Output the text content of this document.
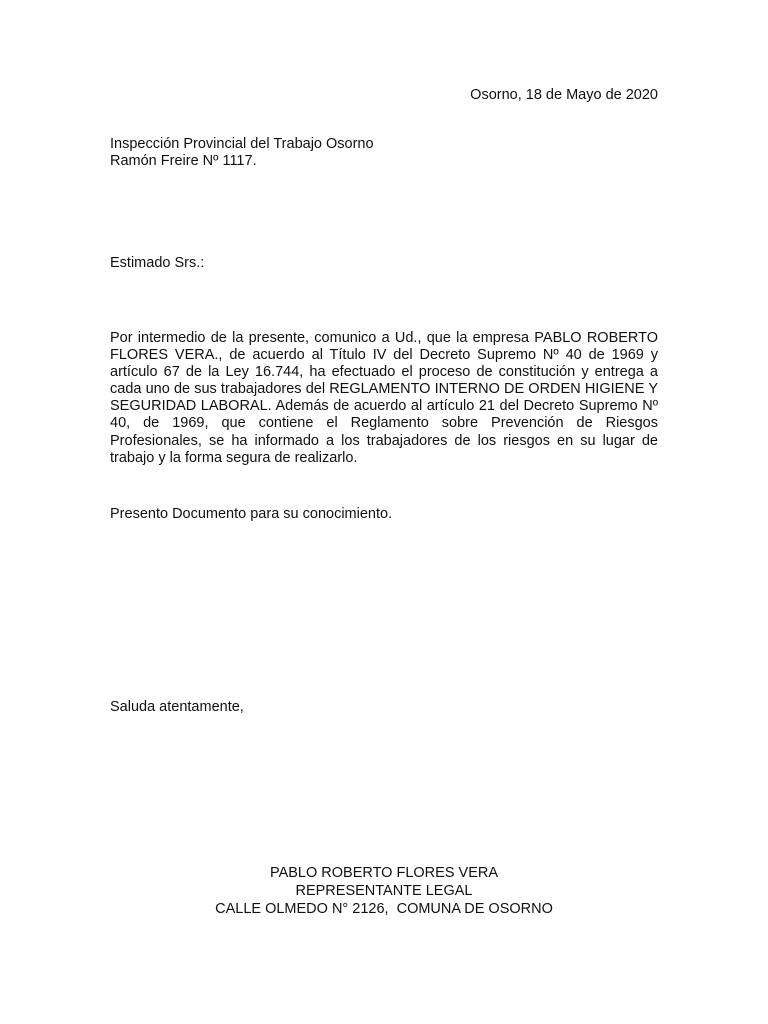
Osorno, 18 de Mayo de 2020
Inspección Provincial del Trabajo Osorno
Ramón Freire Nº 1117.
Estimado Srs.:
Por intermedio de la presente, comunico a Ud., que la empresa PABLO ROBERTO FLORES VERA., de acuerdo al Título IV del Decreto Supremo Nº 40 de 1969 y artículo 67 de la Ley 16.744, ha efectuado el proceso de constitución y entrega a cada uno de sus trabajadores del REGLAMENTO INTERNO DE ORDEN HIGIENE Y SEGURIDAD LABORAL. Además de acuerdo al artículo 21 del Decreto Supremo Nº 40, de 1969, que contiene el Reglamento sobre Prevención de Riesgos Profesionales, se ha informado a los trabajadores de los riesgos en su lugar de trabajo y la forma segura de realizarlo.
Presento Documento para su conocimiento.
Saluda atentamente,
PABLO ROBERTO FLORES VERA
REPRESENTANTE LEGAL
CALLE OLMEDO N° 2126,  COMUNA DE OSORNO
